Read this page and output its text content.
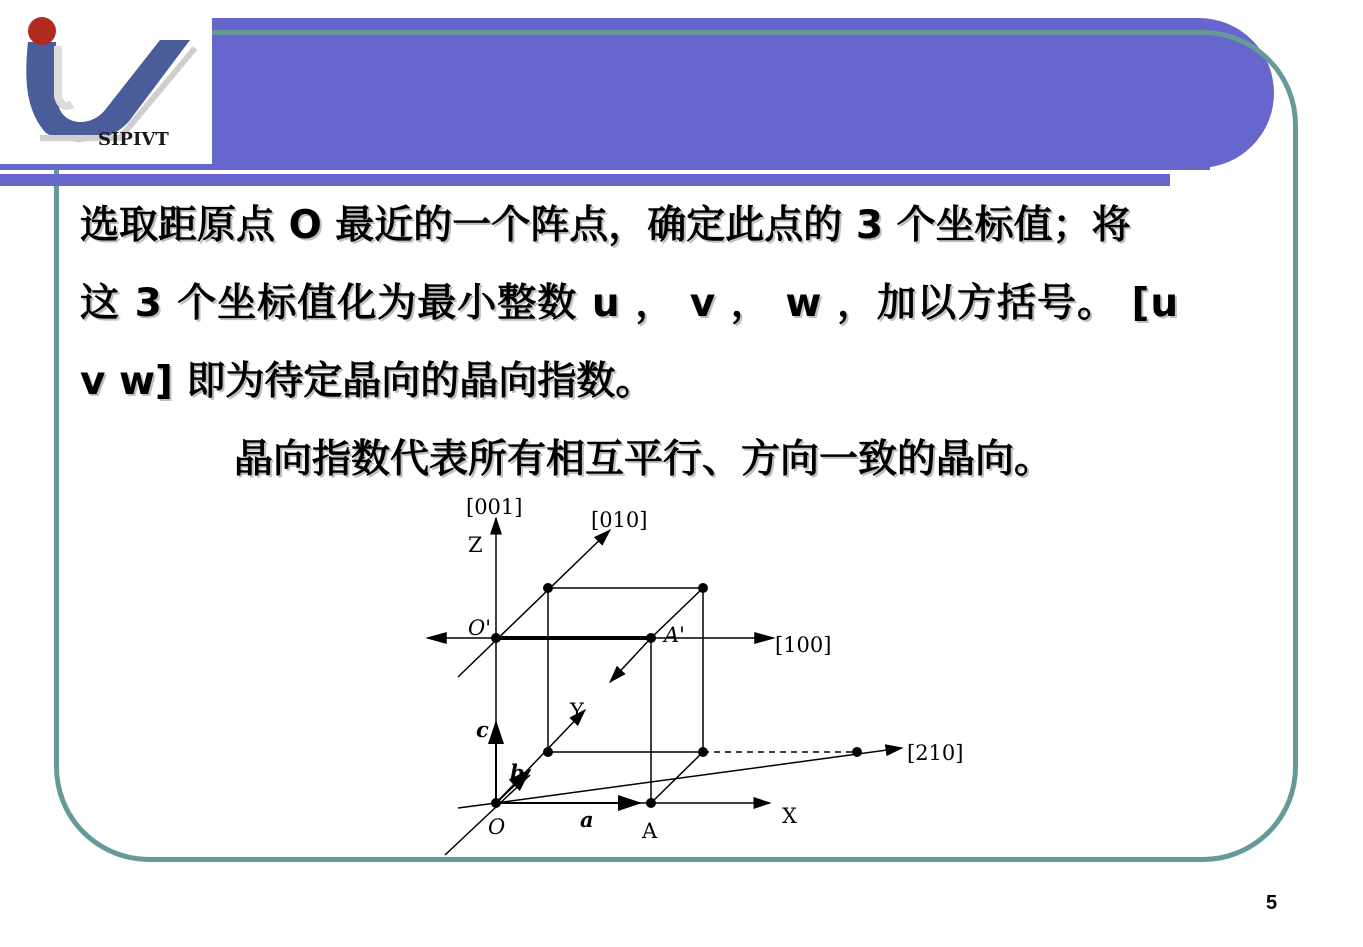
SIPIVT
选取距原点 O 最近的一个阵点，确定此点的 3 个坐标值；将
这 3 个坐标值化为最小整数 u ， v ， w ，加以方括号。 [u
v w] 即为待定晶向的晶向指数。
晶向指数代表所有相互平行、方向一致的晶向。
[001]
[010]
[100]
[210]
Z
Y
X
O
O'	A'
A
a
b
c
5
